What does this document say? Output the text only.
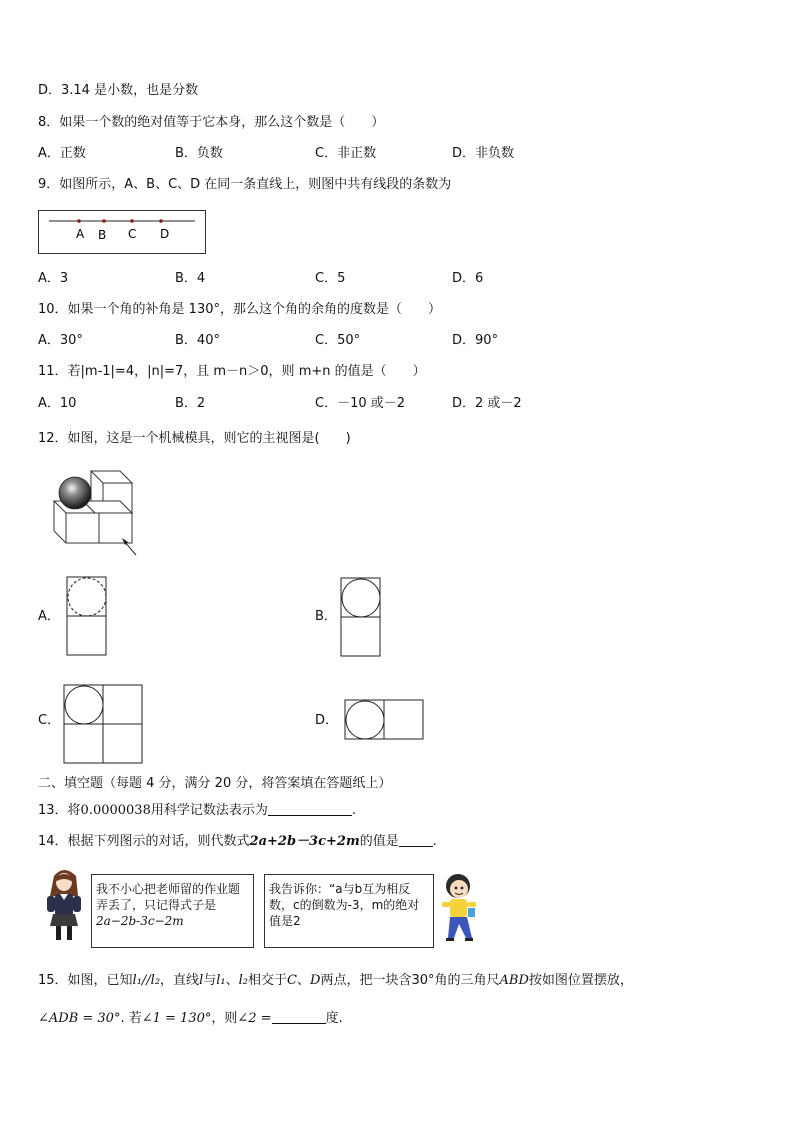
D．3.14 是小数，也是分数
8．如果一个数的绝对值等于它本身，那么这个数是（　　）
A．正数	B．负数	C．非正数	D．非负数
9．如图所示，A、B、C、D 在同一条直线上，则图中共有线段的条数为
A B C D
A．3	B．4	C．5	D．6
10．如果一个角的补角是 130°，那么这个角的余角的度数是（　　）
A．30°	B．40°	C．50°	D．90°
11．若|m-1|=4，|n|=7，且 m－n＞0，则 m+n 的值是（　　）
A．10	B．2	C．－10 或－2	D．2 或－2
12．如图，这是一个机械模具，则它的主视图是(　　)
A．	B．
C．	D．
二、填空题（每题 4 分，满分 20 分，将答案填在答题纸上）
13．将0.0000038用科学记数法表示为	.
14．根据下列图示的对话，则代数式2a+2b－3c+2m的值是	.
我不小心把老师留的作业题弄丢了，只记得式子是
2a−2b-3c−2m
我告诉你：“a与b互为相反数，c的倒数为-3，m的绝对值是2
15．如图，已知l₁//l₂，直线l与l₁、l₂相交于C、D两点，把一块含30°角的三角尺ABD按如图位置摆放，
∠ADB = 30°. 若∠1 = 130°，则∠2 =	度.
